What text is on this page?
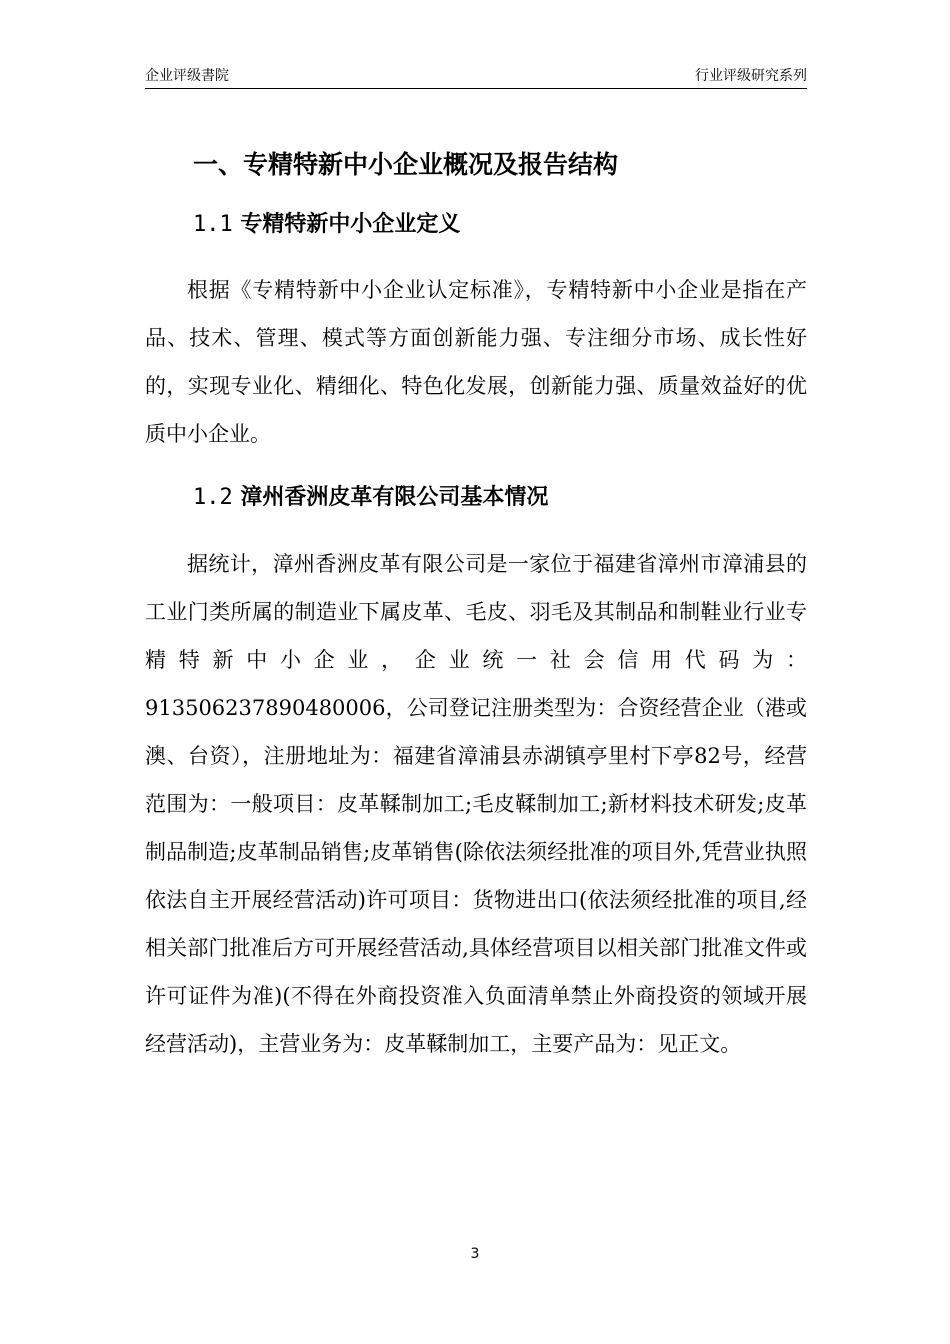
企业评级書院	行业评级研究系列
一、专精特新中小企业概况及报告结构
1.1 专精特新中小企业定义
根据《专精特新中小企业认定标准》，专精特新中小企业是指在产品、技术、管理、模式等方面创新能力强、专注细分市场、成长性好的，实现专业化、精细化、特色化发展，创新能力强、质量效益好的优质中小企业。
1.2 漳州香洲皮革有限公司基本情况
据统计，漳州香洲皮革有限公司是一家位于福建省漳州市漳浦县的工业门类所属的制造业下属皮革、毛皮、羽毛及其制品和制鞋业行业专精特新中小企业，企业统一社会信用代码为：913506237890480006，公司登记注册类型为：合资经营企业（港或澳、台资），注册地址为：福建省漳浦县赤湖镇亭里村下亭82号，经营范围为：一般项目：皮革鞣制加工;毛皮鞣制加工;新材料技术研发;皮革制品制造;皮革制品销售;皮革销售(除依法须经批准的项目外,凭营业执照依法自主开展经营活动)许可项目：货物进出口(依法须经批准的项目,经相关部门批准后方可开展经营活动,具体经营项目以相关部门批准文件或许可证件为准)(不得在外商投资准入负面清单禁止外商投资的领域开展经营活动)，主营业务为：皮革鞣制加工，主要产品为：见正文。
3
